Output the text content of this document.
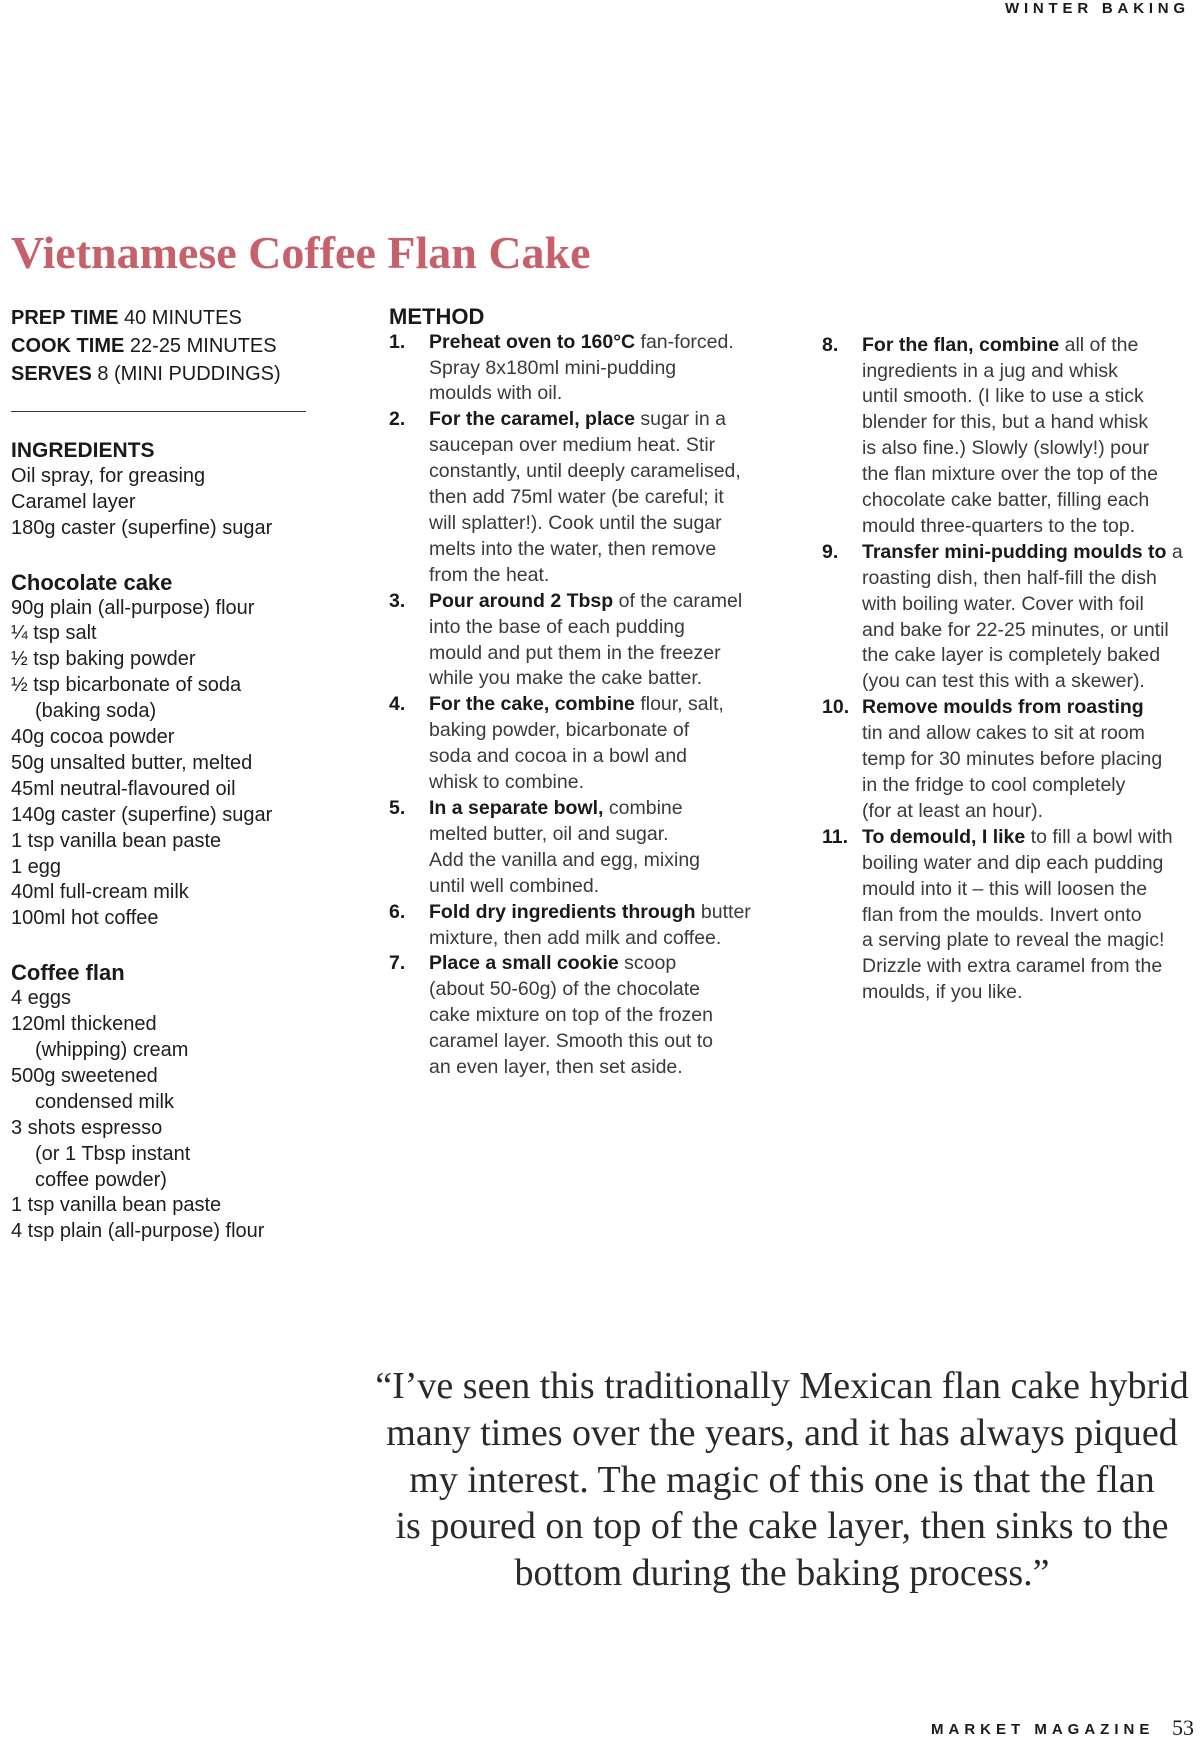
WINTER BAKING
Vietnamese Coffee Flan Cake
PREP TIME 40 MINUTES
COOK TIME 22-25 MINUTES
SERVES 8 (MINI PUDDINGS)
INGREDIENTS
Oil spray, for greasing
Caramel layer
180g caster (superfine) sugar
Chocolate cake
90g plain (all-purpose) flour
¼ tsp salt
½ tsp baking powder
½ tsp bicarbonate of soda
(baking soda)
40g cocoa powder
50g unsalted butter, melted
45ml neutral-flavoured oil
140g caster (superfine) sugar
1 tsp vanilla bean paste
1 egg
40ml full-cream milk
100ml hot coffee
Coffee flan
4 eggs
120ml thickened
(whipping) cream
500g sweetened
condensed milk
3 shots espresso
(or 1 Tbsp instant
coffee powder)
1 tsp vanilla bean paste
4 tsp plain (all-purpose) flour
METHOD
1. Preheat oven to 160°C fan-forced.
Spray 8x180ml mini-pudding
moulds with oil.
2. For the caramel, place sugar in a
saucepan over medium heat. Stir
constantly, until deeply caramelised,
then add 75ml water (be careful; it
will splatter!). Cook until the sugar
melts into the water, then remove
from the heat.
3. Pour around 2 Tbsp of the caramel
into the base of each pudding
mould and put them in the freezer
while you make the cake batter.
4. For the cake, combine flour, salt,
baking powder, bicarbonate of
soda and cocoa in a bowl and
whisk to combine.
5. In a separate bowl, combine
melted butter, oil and sugar.
Add the vanilla and egg, mixing
until well combined.
6. Fold dry ingredients through butter
mixture, then add milk and coffee.
7. Place a small cookie scoop
(about 50-60g) of the chocolate
cake mixture on top of the frozen
caramel layer. Smooth this out to
an even layer, then set aside.
8. For the flan, combine all of the
ingredients in a jug and whisk
until smooth. (I like to use a stick
blender for this, but a hand whisk
is also fine.) Slowly (slowly!) pour
the flan mixture over the top of the
chocolate cake batter, filling each
mould three-quarters to the top.
9. Transfer mini-pudding moulds to a
roasting dish, then half-fill the dish
with boiling water. Cover with foil
and bake for 22-25 minutes, or until
the cake layer is completely baked
(you can test this with a skewer).
10. Remove moulds from roasting
tin and allow cakes to sit at room
temp for 30 minutes before placing
in the fridge to cool completely
(for at least an hour).
11. To demould, I like to fill a bowl with
boiling water and dip each pudding
mould into it – this will loosen the
flan from the moulds. Invert onto
a serving plate to reveal the magic!
Drizzle with extra caramel from the
moulds, if you like.
“I’ve seen this traditionally Mexican flan cake hybrid
many times over the years, and it has always piqued
my interest. The magic of this one is that the flan
is poured on top of the cake layer, then sinks to the
bottom during the baking process.”
MARKET MAGAZINE 53
